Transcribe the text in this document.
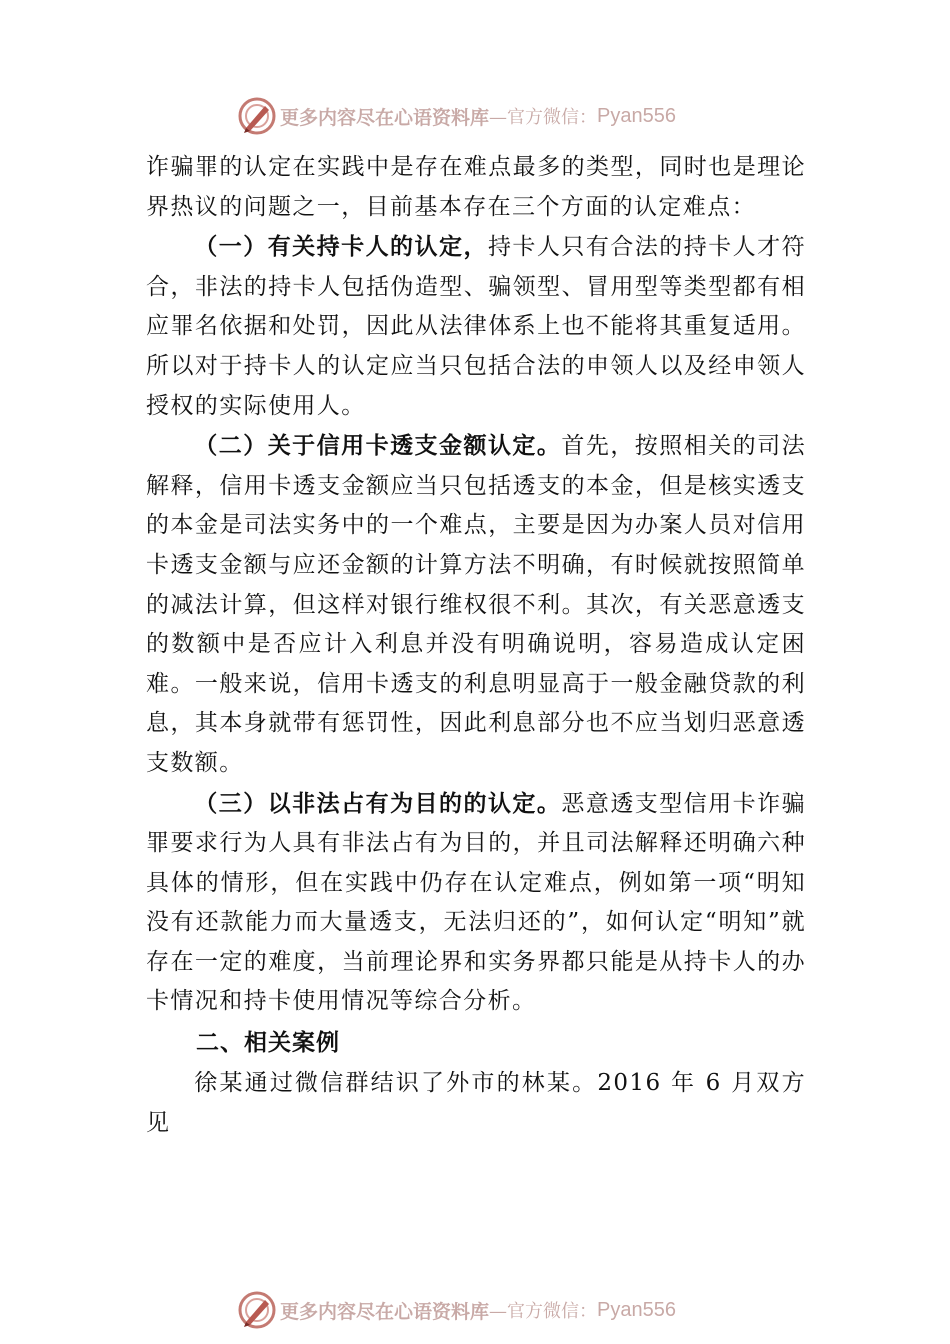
更多内容尽在心语资料库 —官方微信： Pyan556

诈骗罪的认定在实践中是存在难点最多的类型，同时也是理论界热议的问题之一，目前基本存在三个方面的认定难点：

（一）有关持卡人的认定，持卡人只有合法的持卡人才符合，非法的持卡人包括伪造型、骗领型、冒用型等类型都有相应罪名依据和处罚，因此从法律体系上也不能将其重复适用。所以对于持卡人的认定应当只包括合法的申领人以及经申领人授权的实际使用人。

（二）关于信用卡透支金额认定。首先，按照相关的司法解释，信用卡透支金额应当只包括透支的本金，但是核实透支的本金是司法实务中的一个难点，主要是因为办案人员对信用卡透支金额与应还金额的计算方法不明确，有时候就按照简单的减法计算，但这样对银行维权很不利。其次，有关恶意透支的数额中是否应计入利息并没有明确说明，容易造成认定困难。一般来说，信用卡透支的利息明显高于一般金融贷款的利息，其本身就带有惩罚性，因此利息部分也不应当划归恶意透支数额。

（三）以非法占有为目的的认定。恶意透支型信用卡诈骗罪要求行为人具有非法占有为目的，并且司法解释还明确六种具体的情形，但在实践中仍存在认定难点，例如第一项“明知没有还款能力而大量透支，无法归还的”，如何认定“明知”就存在一定的难度，当前理论界和实务界都只能是从持卡人的办卡情况和持卡使用情况等综合分析。

二、相关案例

徐某通过微信群结识了外市的林某。2016 年 6 月双方见

更多内容尽在心语资料库 —官方微信： Pyan556
